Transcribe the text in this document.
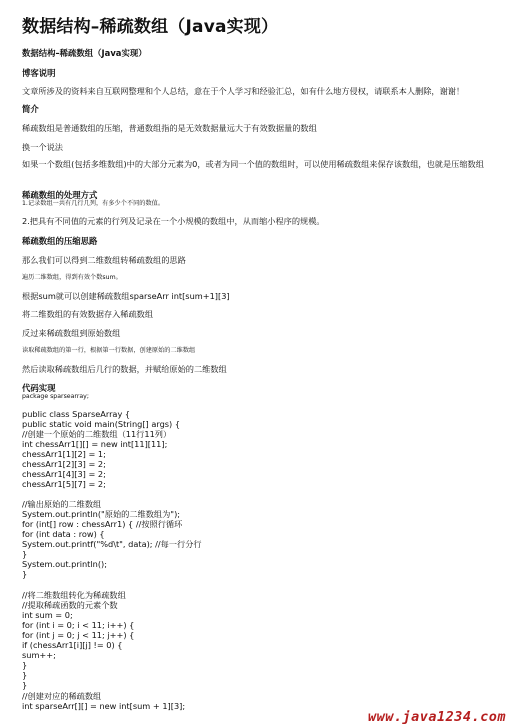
数据结构–稀疏数组（Java实现）
数据结构–稀疏数组（Java实现）
博客说明
文章所涉及的资料来自互联网整理和个人总结，意在于个人学习和经验汇总，如有什么地方侵权，请联系本人删除，谢谢！
简介
稀疏数组是普通数组的压缩，普通数组指的是无效数据量远大于有效数据量的数组
换一个说法
如果一个数组(包括多维数组)中的大部分元素为0，或者为同一个值的数组时，可以使用稀疏数组来保存该数组，也就是压缩数组
稀疏数组的处理方式
1.记录数组一共有几行几列，有多少个不同的数值。
2.把具有不同值的元素的行列及记录在一个小规模的数组中，从而缩小程序的规模。
稀疏数组的压缩思路
那么我们可以得到二维数组转稀疏数组的思路
遍历二维数组，得到有效个数sum。
根据sum就可以创建稀疏数组sparseArr int[sum+1][3]
将二维数组的有效数据存入稀疏数组
反过来稀疏数组到原始数组
读取稀疏数组的第一行，根据第一行数据，创建原始的二维数组
然后读取稀疏数组后几行的数据，并赋给原始的二维数组
代码实现
package sparsearray;
public class SparseArray {
public static void main(String[] args) {
//创建一个原始的二维数组（11行11列）
int chessArr1[][] = new int[11][11];
chessArr1[1][2] = 1;
chessArr1[2][3] = 2;
chessArr1[4][3] = 2;
chessArr1[5][7] = 2;
//输出原始的二维数组
System.out.println("原始的二维数组为");
for (int[] row : chessArr1) { //按照行循环
for (int data : row) {
System.out.printf("%d\t", data); //每一行分行
}
System.out.println();
}
//将二维数组转化为稀疏数组
//提取稀疏函数的元素个数
int sum = 0;
for (int i = 0; i < 11; i++) {
for (int j = 0; j < 11; j++) {
if (chessArr1[i][j] != 0) {
sum++;
}
}
}
//创建对应的稀疏数组
int sparseArr[][] = new int[sum + 1][3];
www.java1234.com
